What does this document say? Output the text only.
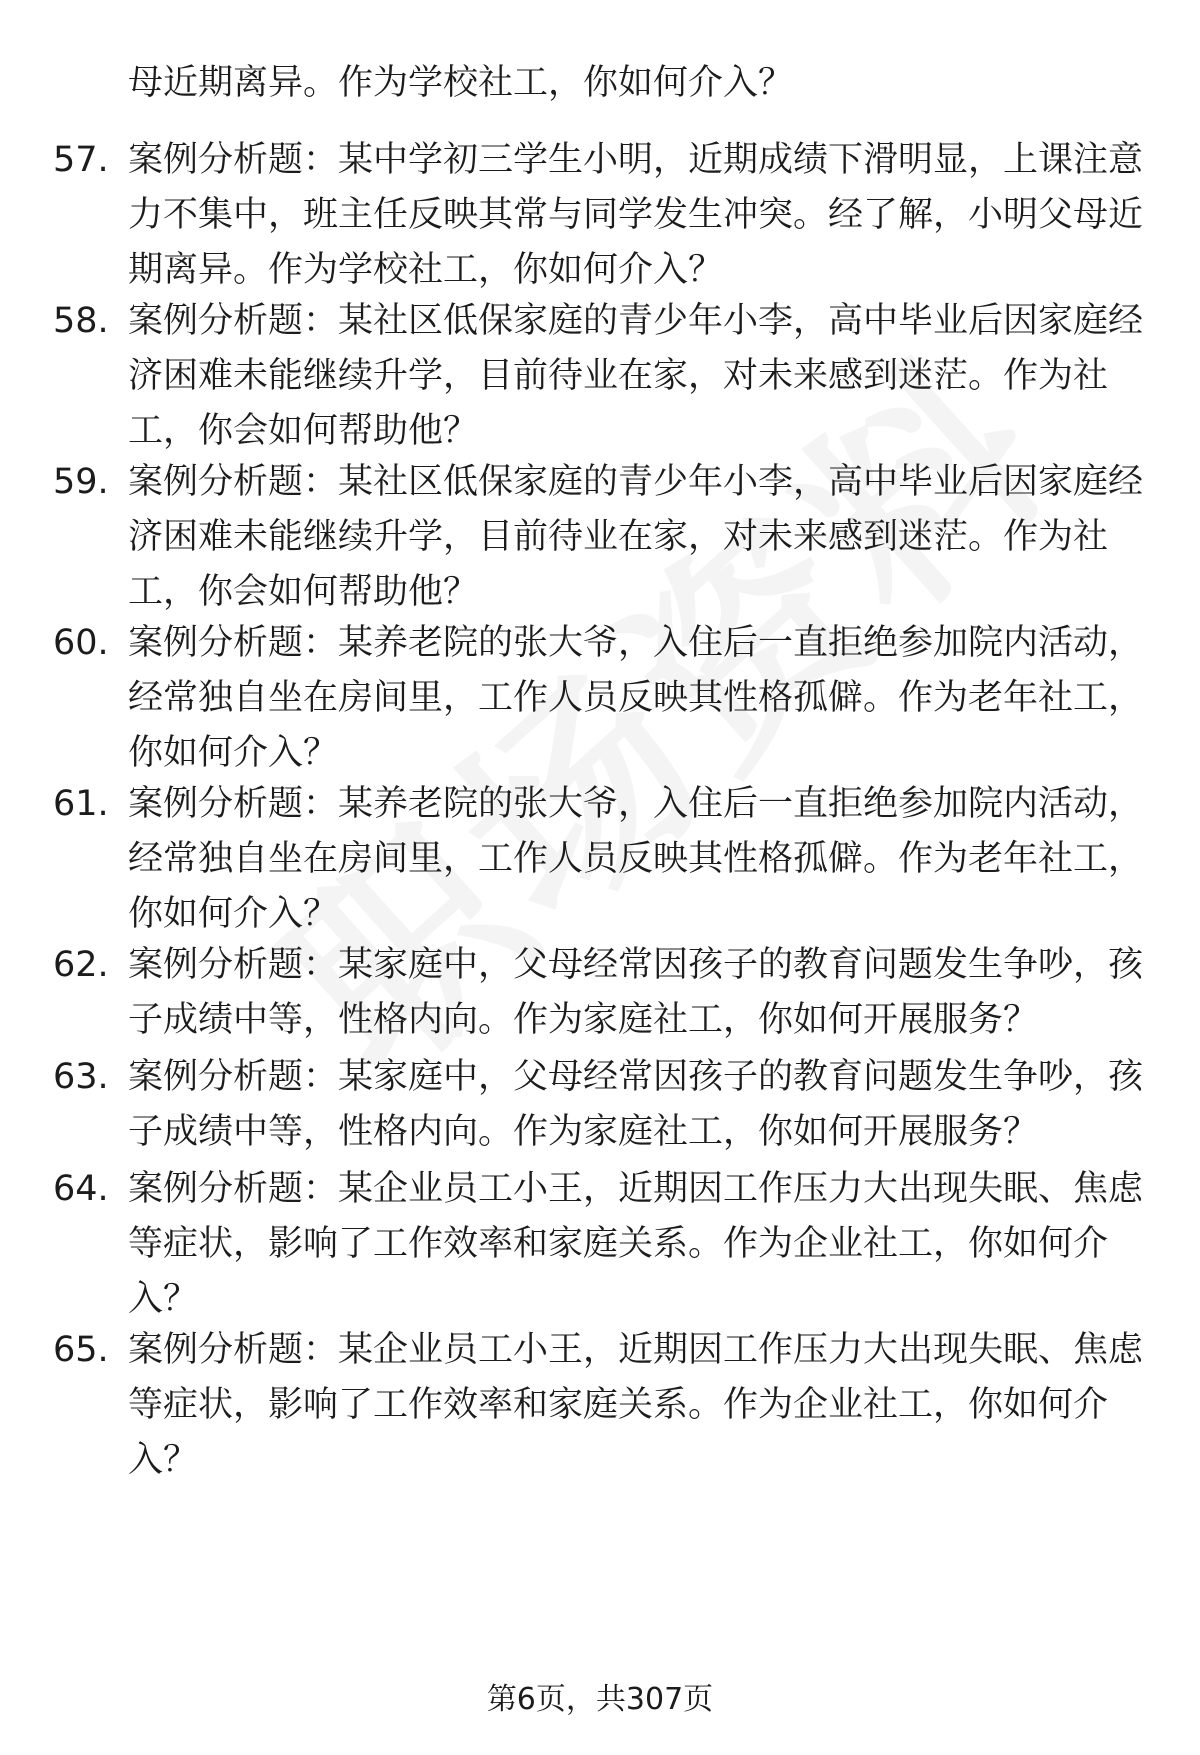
母近期离异。作为学校社工，你如何介入？
57. 案例分析题：某中学初三学生小明，近期成绩下滑明显，上课注意力不集中，班主任反映其常与同学发生冲突。经了解，小明父母近期离异。作为学校社工，你如何介入？
58. 案例分析题：某社区低保家庭的青少年小李，高中毕业后因家庭经济困难未能继续升学，目前待业在家，对未来感到迷茫。作为社工，你会如何帮助他？
59. 案例分析题：某社区低保家庭的青少年小李，高中毕业后因家庭经济困难未能继续升学，目前待业在家，对未来感到迷茫。作为社工，你会如何帮助他？
60. 案例分析题：某养老院的张大爷，入住后一直拒绝参加院内活动，经常独自坐在房间里，工作人员反映其性格孤僻。作为老年社工，你如何介入？
61. 案例分析题：某养老院的张大爷，入住后一直拒绝参加院内活动，经常独自坐在房间里，工作人员反映其性格孤僻。作为老年社工，你如何介入？
62. 案例分析题：某家庭中，父母经常因孩子的教育问题发生争吵，孩子成绩中等，性格内向。作为家庭社工，你如何开展服务？
63. 案例分析题：某家庭中，父母经常因孩子的教育问题发生争吵，孩子成绩中等，性格内向。作为家庭社工，你如何开展服务？
64. 案例分析题：某企业员工小王，近期因工作压力大出现失眠、焦虑等症状，影响了工作效率和家庭关系。作为企业社工，你如何介入？
65. 案例分析题：某企业员工小王，近期因工作压力大出现失眠、焦虑等症状，影响了工作效率和家庭关系。作为企业社工，你如何介入？
第6页，共307页
